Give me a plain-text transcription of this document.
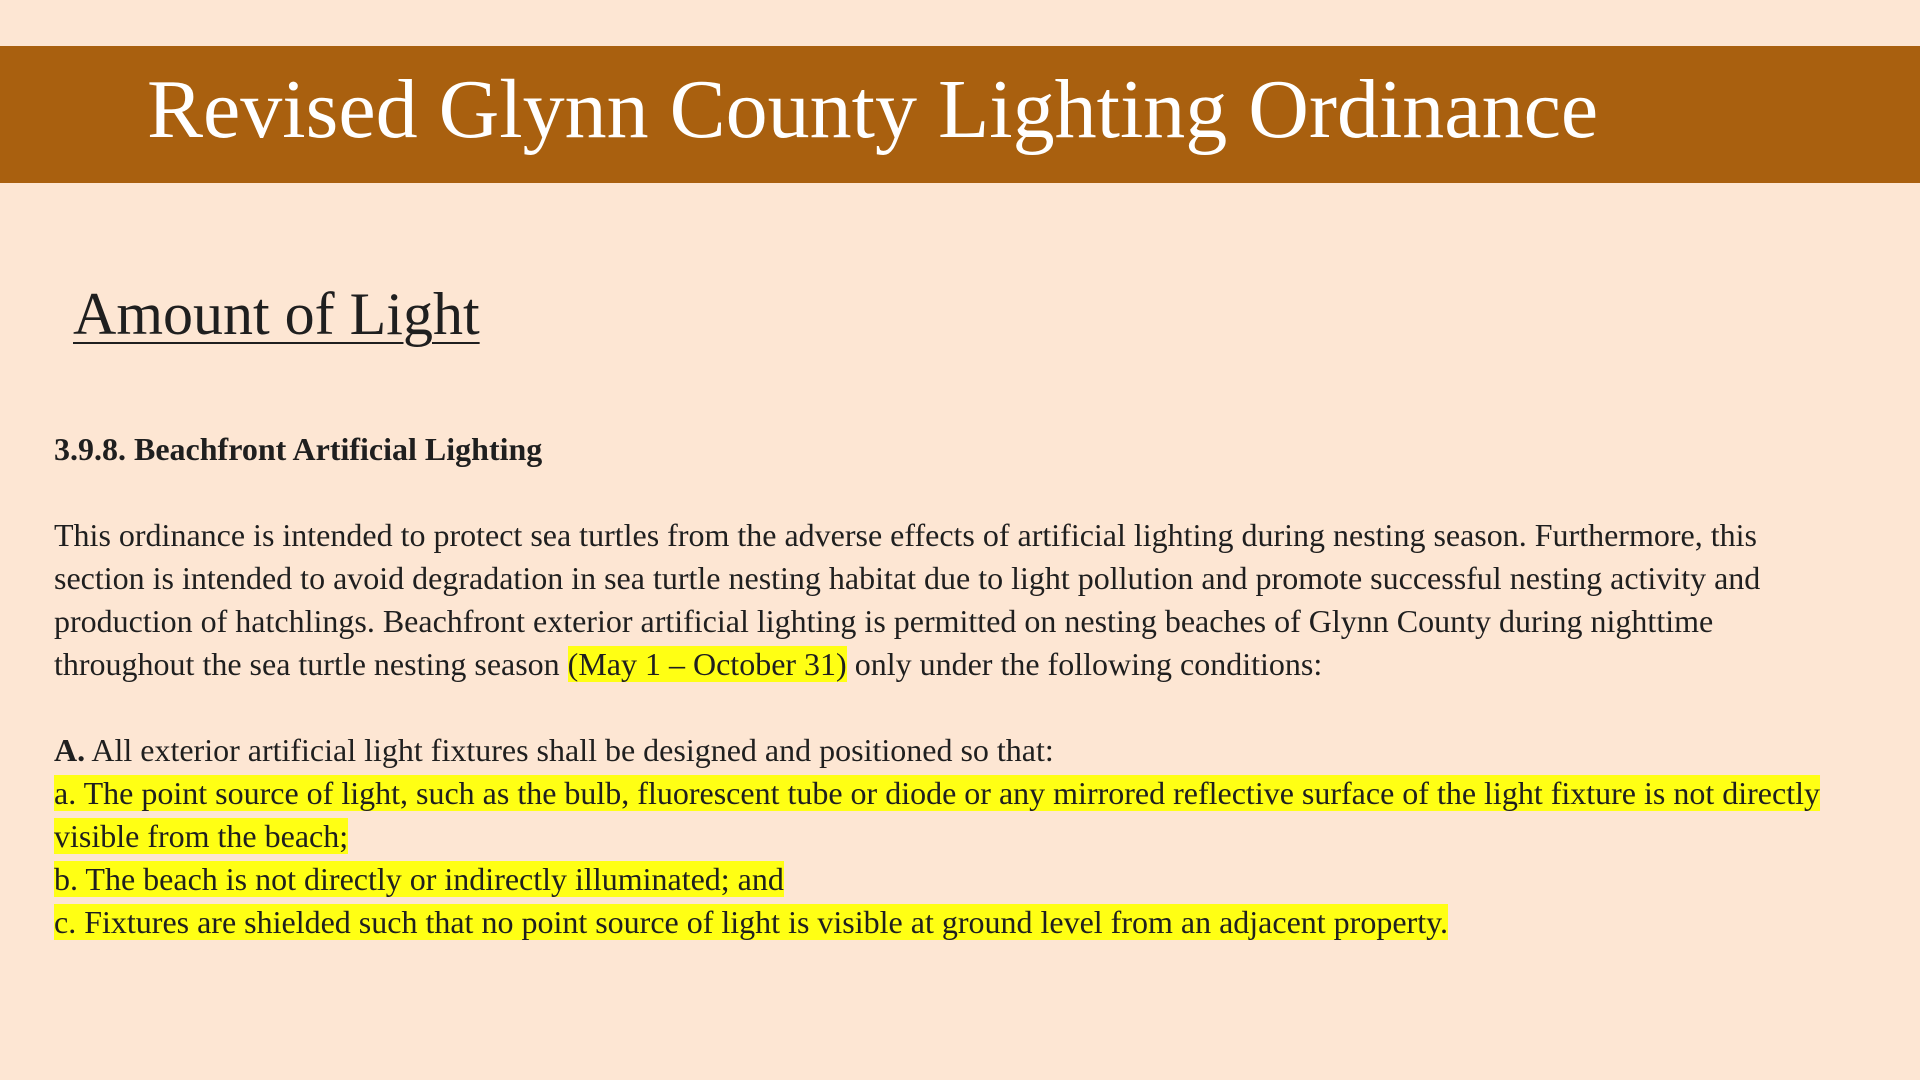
Revised Glynn County Lighting Ordinance
Amount of Light

3.9.8. Beachfront Artificial Lighting

This ordinance is intended to protect sea turtles from the adverse effects of artificial lighting during nesting season. Furthermore, this section is intended to avoid degradation in sea turtle nesting habitat due to light pollution and promote successful nesting activity and production of hatchlings. Beachfront exterior artificial lighting is permitted on nesting beaches of Glynn County during nighttime throughout the sea turtle nesting season (May 1 – October 31) only under the following conditions:

A. All exterior artificial light fixtures shall be designed and positioned so that:

a. The point source of light, such as the bulb, fluorescent tube or diode or any mirrored reflective surface of the light fixture is not directly visible from the beach;

b. The beach is not directly or indirectly illuminated; and

c. Fixtures are shielded such that no point source of light is visible at ground level from an adjacent property.
